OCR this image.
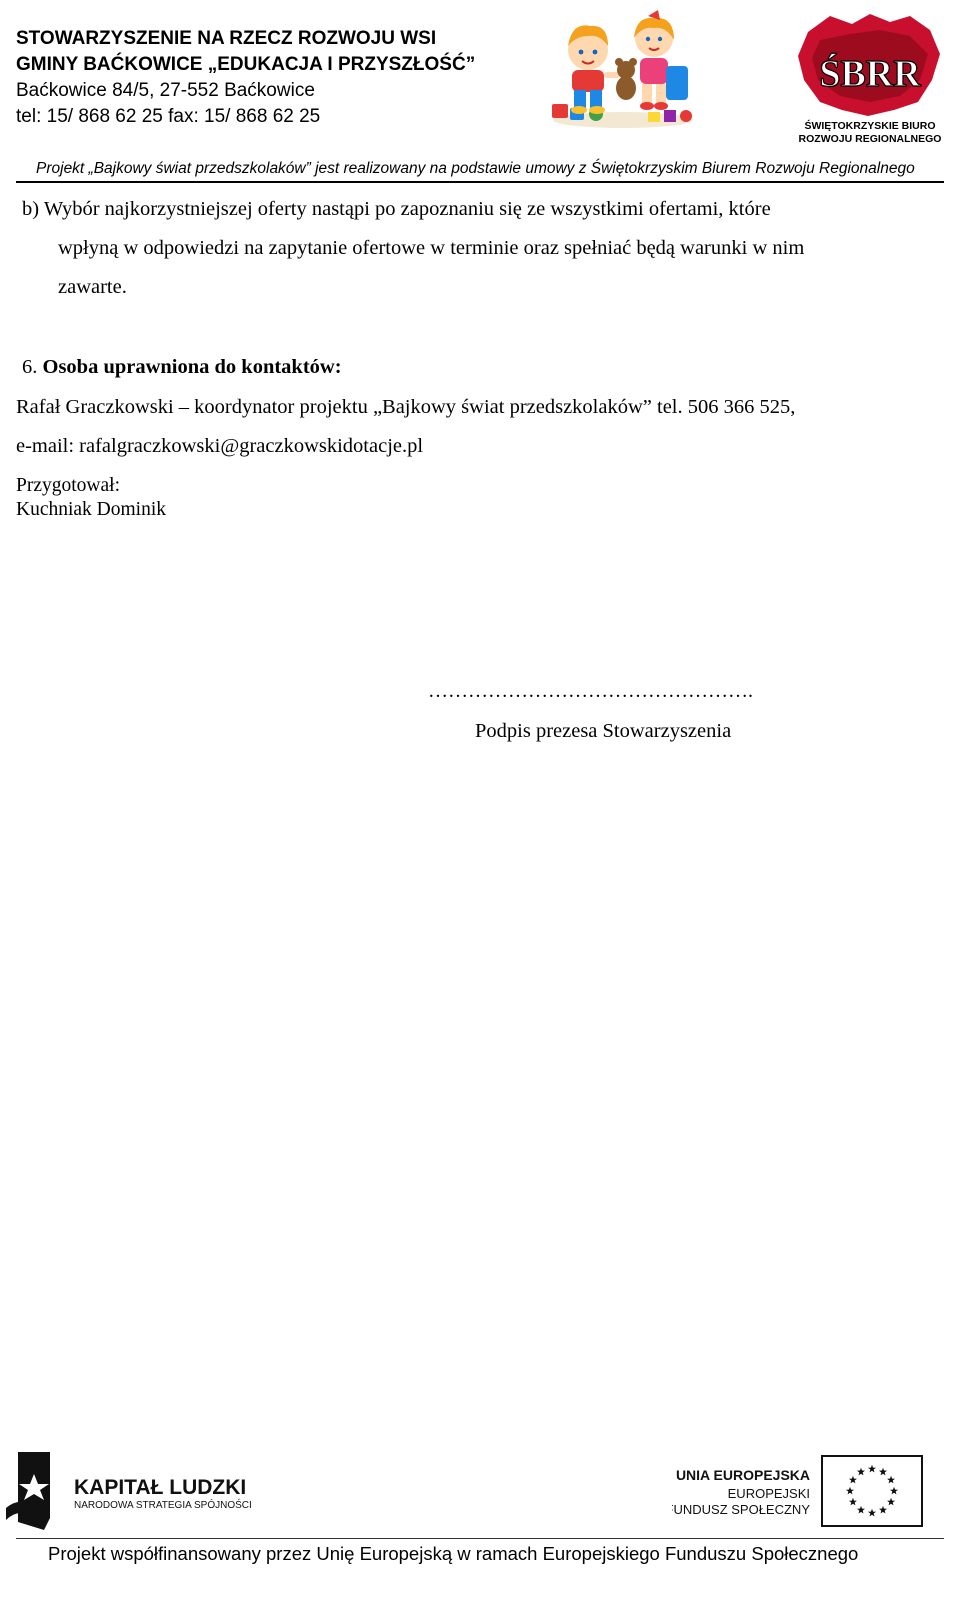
STOWARZYSZENIE NA RZECZ ROZWOJU WSI
GMINY BAĆKOWICE „EDUKACJA I PRZYSZŁOŚĆ”
Baćkowice 84/5, 27-552 Baćkowice
tel: 15/ 868 62 25 fax: 15/ 868 62 25
ŚBRR
ŚWIĘTOKRZYSKIE BIURO
ROZWOJU REGIONALNEGO
Projekt „Bajkowy świat przedszkolaków” jest realizowany na podstawie umowy z Świętokrzyskim Biurem Rozwoju Regionalnego
b) Wybór najkorzystniejszej oferty nastąpi po zapoznaniu się ze wszystkimi ofertami, które
wpłyną w odpowiedzi na zapytanie ofertowe w terminie oraz spełniać będą warunki w nim
zawarte.
6. Osoba uprawniona do kontaktów:
Rafał Graczkowski – koordynator projektu „Bajkowy świat przedszkolaków” tel. 506 366 525,
e-mail: rafalgraczkowski@graczkowskidotacje.pl
Przygotował:
Kuchniak Dominik
………………………………………….
Podpis prezesa Stowarzyszenia
KAPITAŁ LUDZKI
NARODOWA STRATEGIA SPÓJNOŚCI
UNIA EUROPEJSKA
EUROPEJSKI
FUNDUSZ SPOŁECZNY
Projekt współfinansowany przez Unię Europejską w ramach Europejskiego Funduszu Społecznego
